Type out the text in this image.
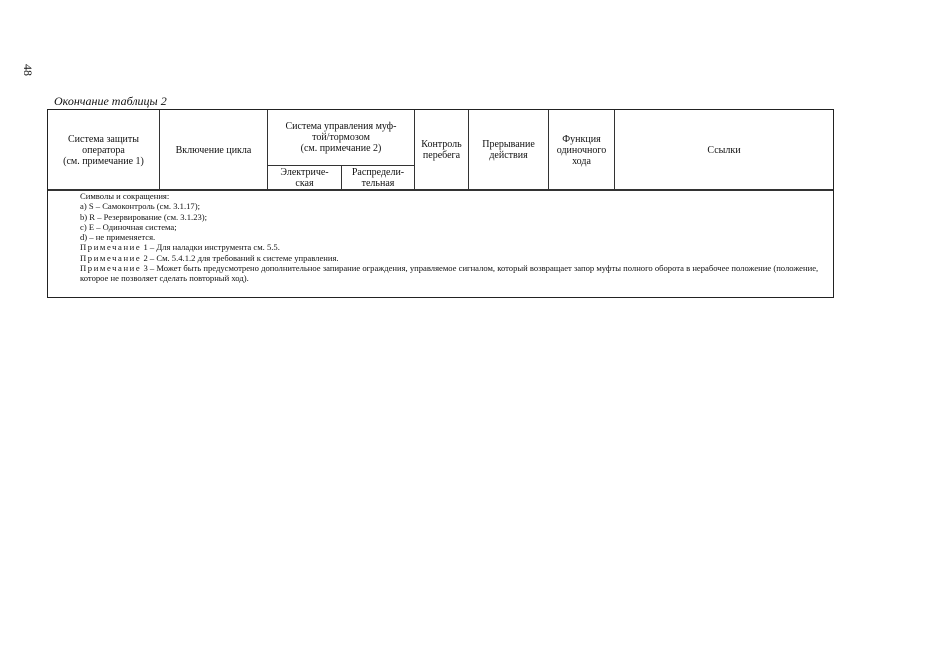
48
Окончание таблицы 2
Система защиты
оператора
(см. примечание 1)
Включение цикла
Система управления муф-
той/тормозом
(см. примечание 2)
Электриче-
ская
Распредели-
тельная
Контроль
перебега
Прерывание
действия
Функция
одиночного
хода
Ссылки
Символы и сокращения:
a) S – Самоконтроль (см. 3.1.17);
b) R – Резервирование (см. 3.1.23);
c) E – Одиночная система;
d) – не применяется.
Примечание 1 – Для наладки инструмента см. 5.5.
Примечание 2 – См. 5.4.1.2 для требований к системе управления.
Примечание 3 – Может быть предусмотрено дополнительное запирание ограждения, управляемое сигналом, который возвращает запор муфты полного оборота в нерабочее положение (положение, которое не позволяет сделать повторный ход).
